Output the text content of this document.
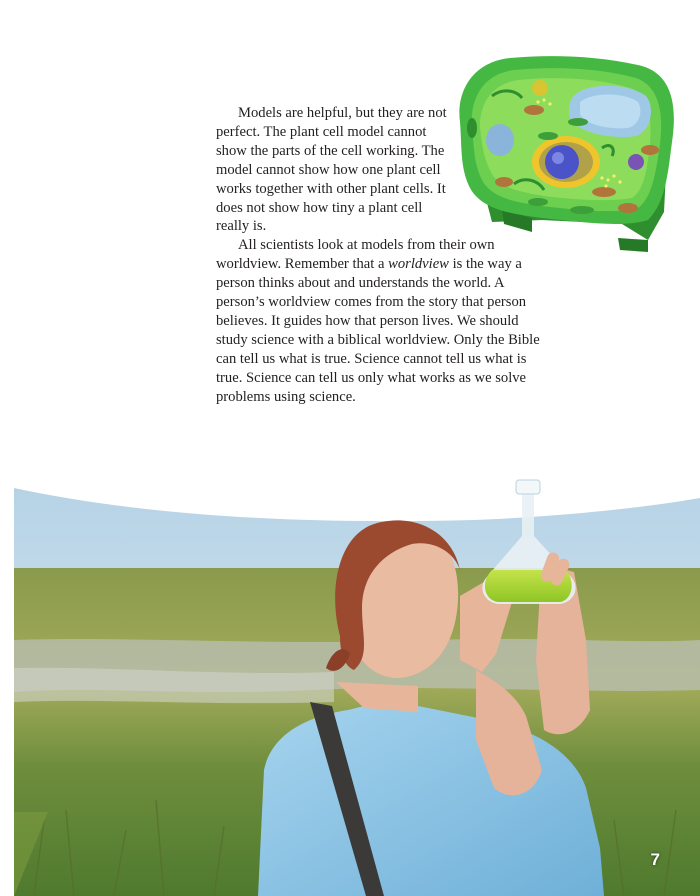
Models are helpful, but they are not perfect. The plant cell model cannot show the parts of the cell working. The model cannot show how one plant cell works together with other plant cells. It does not show how tiny a plant cell really is.

All scientists look at models from their own worldview. Remember that a worldview is the way a person thinks about and understands the world. A person’s worldview comes from the story that person believes. It guides how that person lives. We should study science with a biblical worldview. Only the Bible can tell us what is true. Science cannot tell us what is true. Science can tell us only what works as we solve problems using science.

7
